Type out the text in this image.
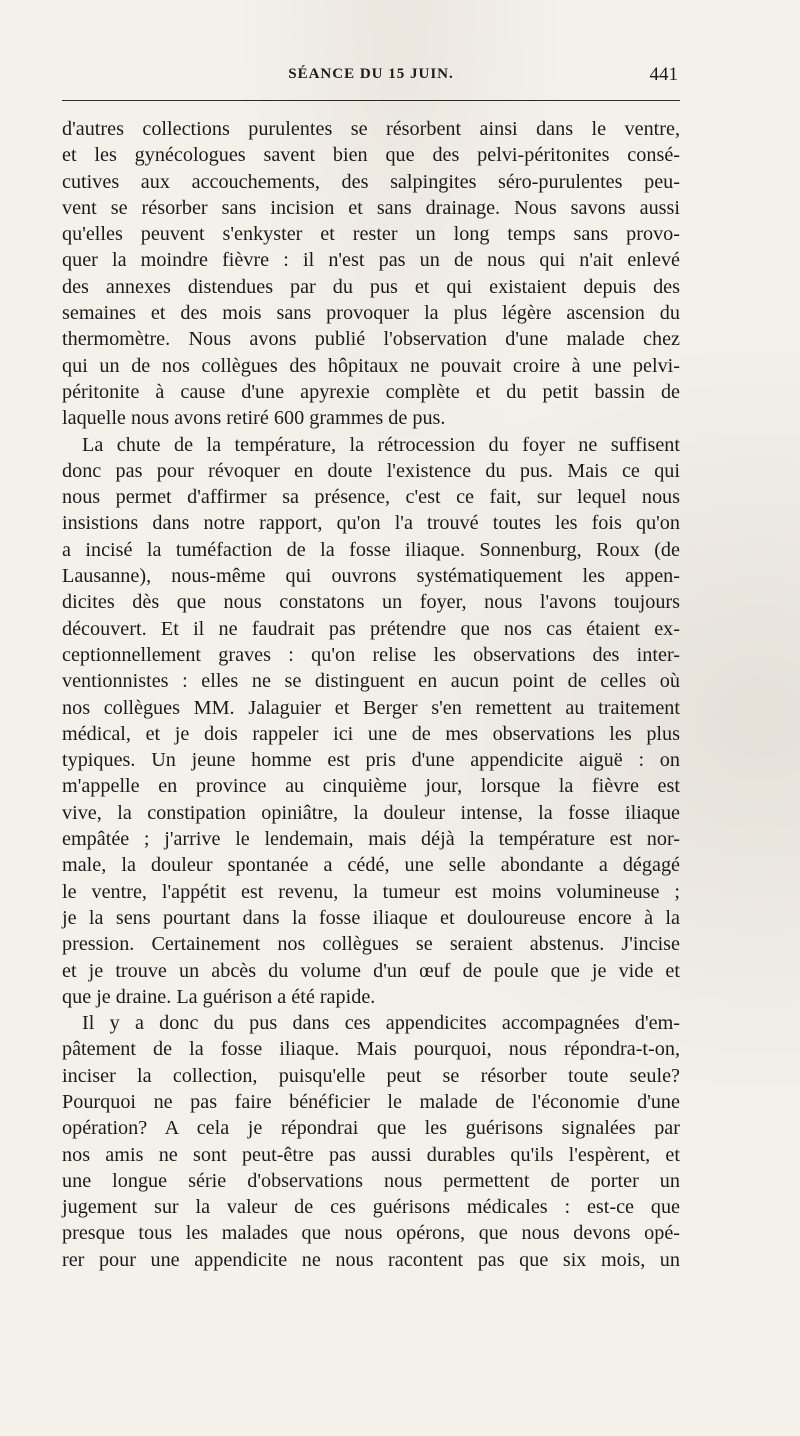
SÉANCE DU 15 JUIN.	441
d'autres collections purulentes se résorbent ainsi dans le ventre,
et les gynécologues savent bien que des pelvi-péritonites consé-
cutives aux accouchements, des salpingites séro-purulentes peu-
vent se résorber sans incision et sans drainage. Nous savons aussi
qu'elles peuvent s'enkyster et rester un long temps sans provo-
quer la moindre fièvre : il n'est pas un de nous qui n'ait enlevé
des annexes distendues par du pus et qui existaient depuis des
semaines et des mois sans provoquer la plus légère ascension du
thermomètre. Nous avons publié l'observation d'une malade chez
qui un de nos collègues des hôpitaux ne pouvait croire à une pelvi-
péritonite à cause d'une apyrexie complète et du petit bassin de
laquelle nous avons retiré 600 grammes de pus.
La chute de la température, la rétrocession du foyer ne suffisent
donc pas pour révoquer en doute l'existence du pus. Mais ce qui
nous permet d'affirmer sa présence, c'est ce fait, sur lequel nous
insistions dans notre rapport, qu'on l'a trouvé toutes les fois qu'on
a incisé la tuméfaction de la fosse iliaque. Sonnenburg, Roux (de
Lausanne), nous-même qui ouvrons systématiquement les appen-
dicites dès que nous constatons un foyer, nous l'avons toujours
découvert. Et il ne faudrait pas prétendre que nos cas étaient ex-
ceptionnellement graves : qu'on relise les observations des inter-
ventionnistes : elles ne se distinguent en aucun point de celles où
nos collègues MM. Jalaguier et Berger s'en remettent au traitement
médical, et je dois rappeler ici une de mes observations les plus
typiques. Un jeune homme est pris d'une appendicite aiguë : on
m'appelle en province au cinquième jour, lorsque la fièvre est
vive, la constipation opiniâtre, la douleur intense, la fosse iliaque
empâtée ; j'arrive le lendemain, mais déjà la température est nor-
male, la douleur spontanée a cédé, une selle abondante a dégagé
le ventre, l'appétit est revenu, la tumeur est moins volumineuse ;
je la sens pourtant dans la fosse iliaque et douloureuse encore à la
pression. Certainement nos collègues se seraient abstenus. J'incise
et je trouve un abcès du volume d'un œuf de poule que je vide et
que je draine. La guérison a été rapide.
Il y a donc du pus dans ces appendicites accompagnées d'em-
pâtement de la fosse iliaque. Mais pourquoi, nous répondra-t-on,
inciser la collection, puisqu'elle peut se résorber toute seule?
Pourquoi ne pas faire bénéficier le malade de l'économie d'une
opération? A cela je répondrai que les guérisons signalées par
nos amis ne sont peut-être pas aussi durables qu'ils l'espèrent, et
une longue série d'observations nous permettent de porter un
jugement sur la valeur de ces guérisons médicales : est-ce que
presque tous les malades que nous opérons, que nous devons opé-
rer pour une appendicite ne nous racontent pas que six mois, un
